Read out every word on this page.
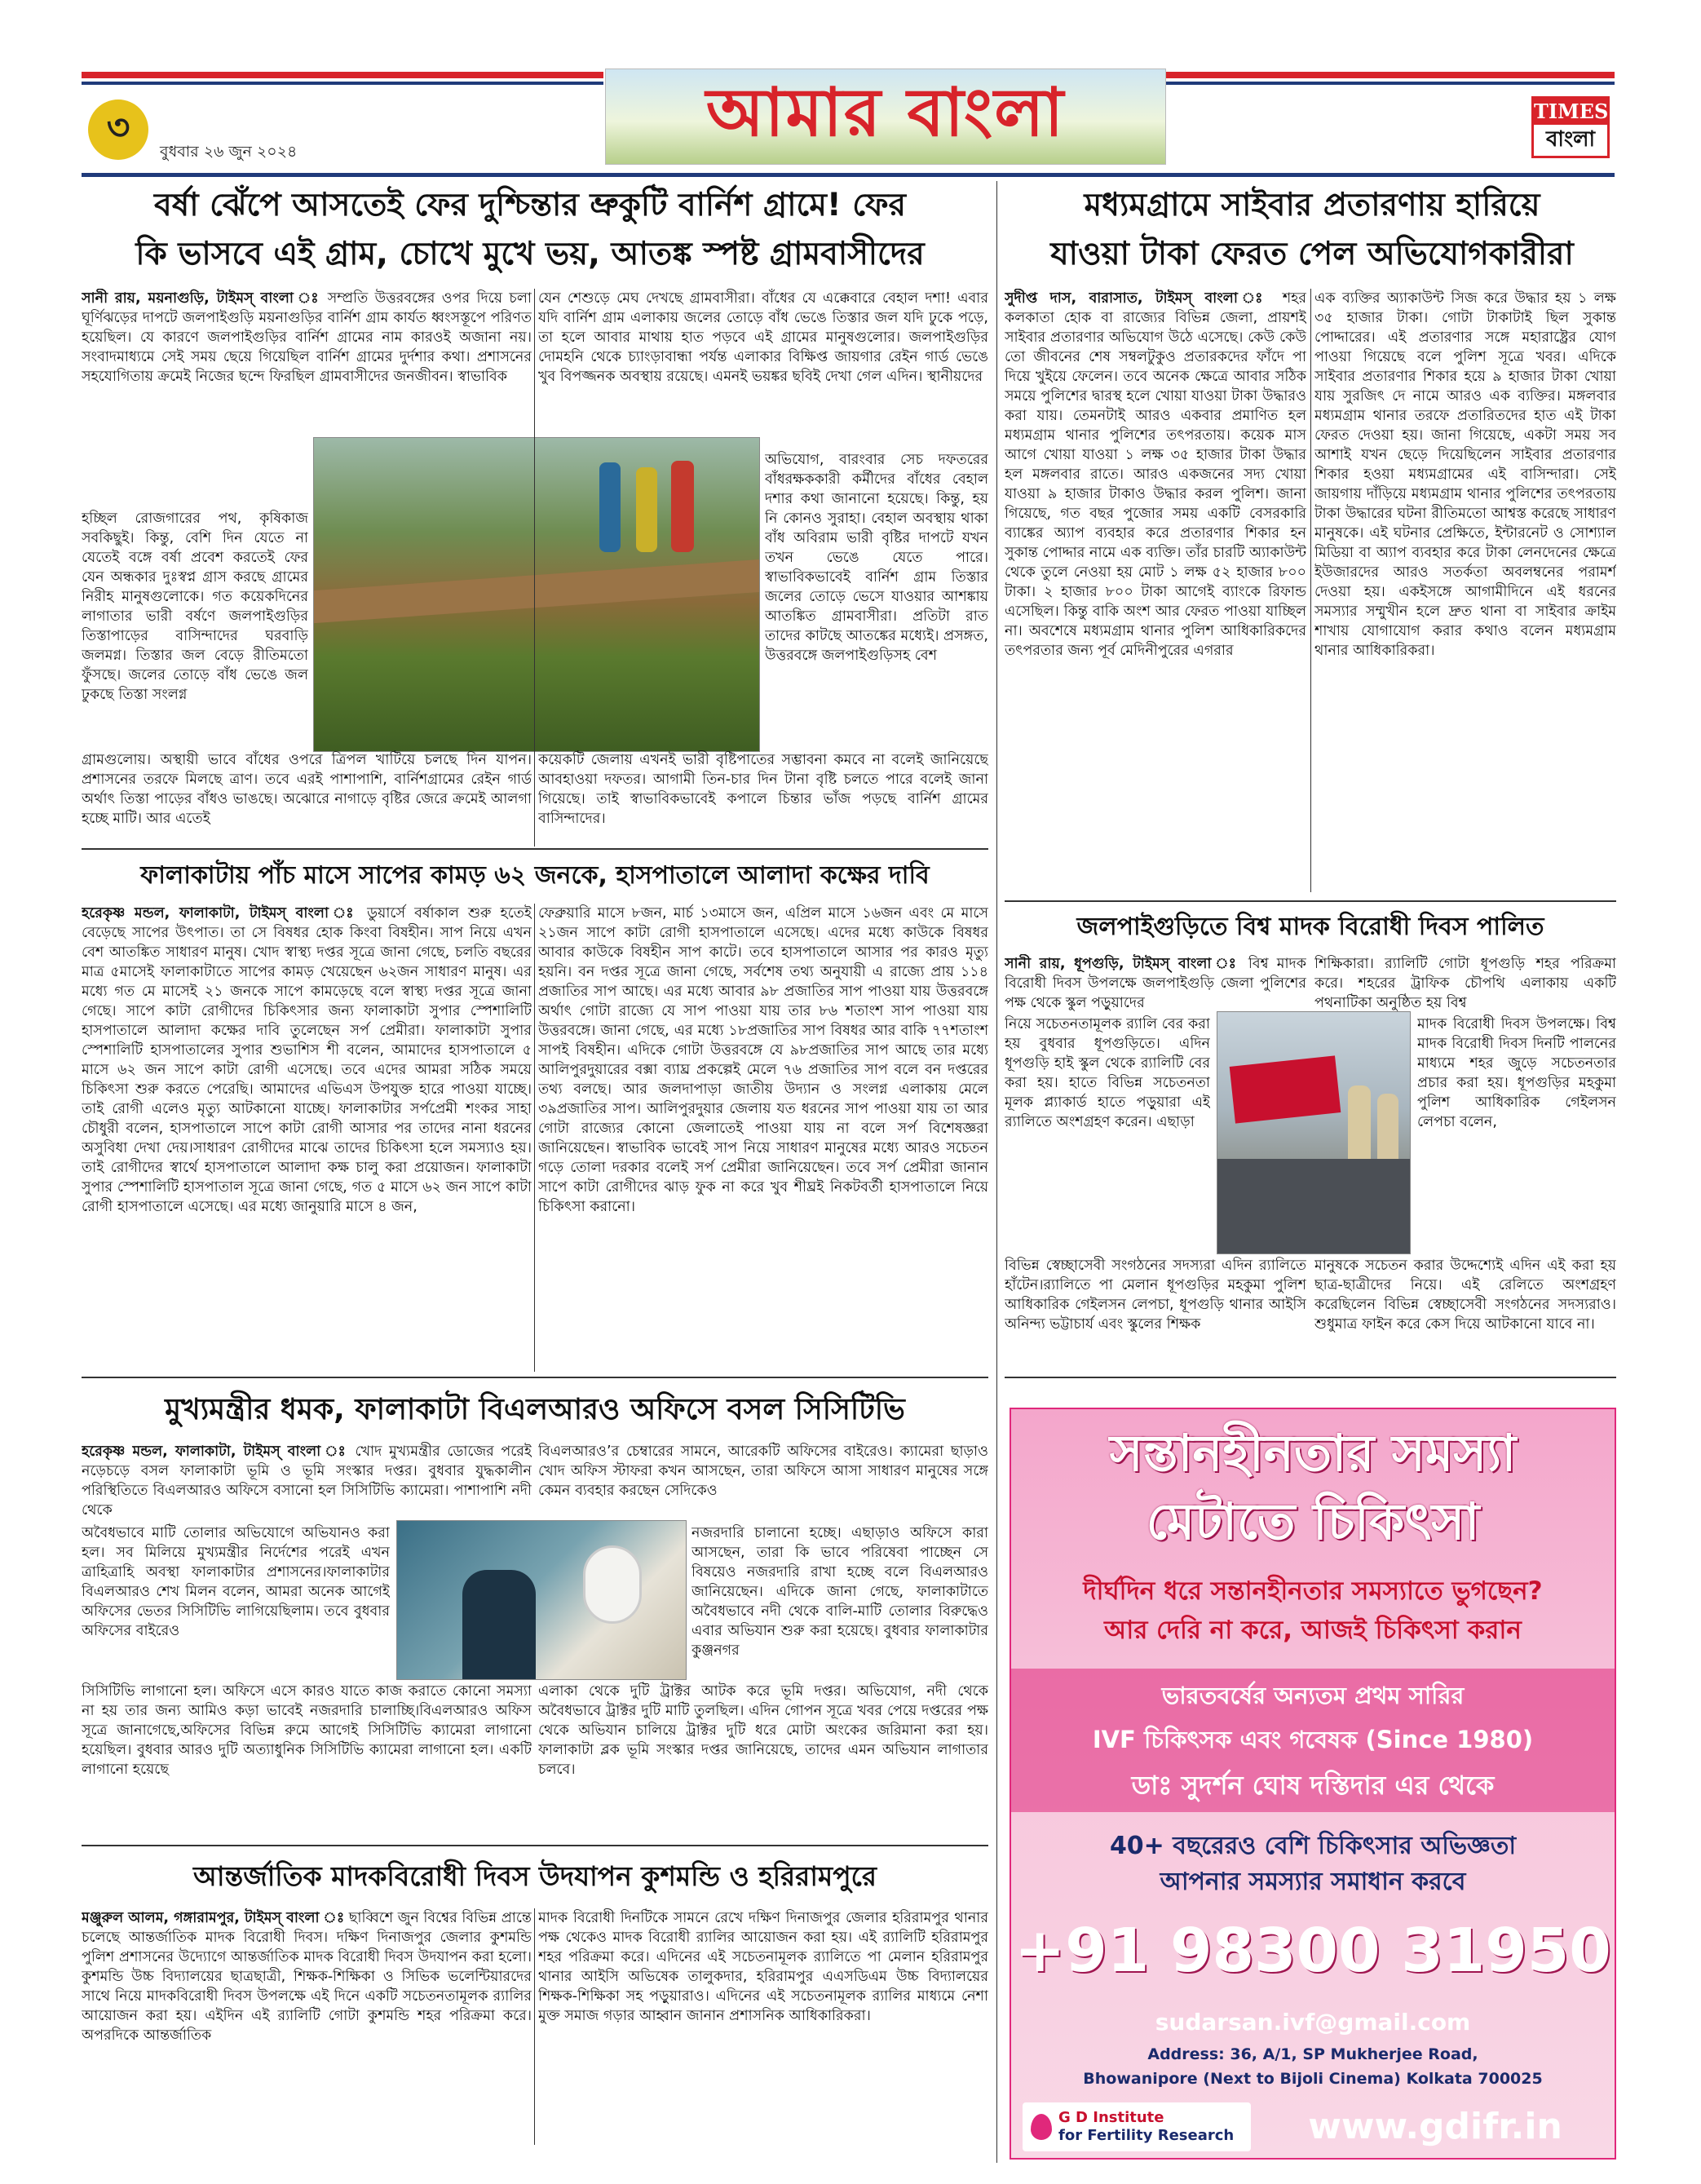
৩
বুধবার ২৬ জুন ২০২৪
আমার বাংলা	TIMES
বাংলা
বর্ষা ঝেঁপে আসতেই ফের দুশ্চিন্তার ভ্রুকুটি বার্নিশ গ্রামে! ফের
কি ভাসবে এই গ্রাম, চোখে মুখে ভয়, আতঙ্ক স্পষ্ট গ্রামবাসীদের
সানী রায়, ময়নাগুড়ি, টাইমস্ বাংলা ঃ সম্প্রতি উত্তরবঙ্গের ওপর দিয়ে চলা ঘূর্ণিঝড়ের দাপটে জলপাইগুড়ি ময়নাগুড়ির বার্নিশ গ্রাম কার্যত ধ্বংসস্তূপে পরিণত হয়েছিল। যে কারণে জলপাইগুড়ির বার্নিশ গ্রামের নাম কারওই অজানা নয়। সংবাদমাধ্যমে সেই সময় ছেয়ে গিয়েছিল বার্নিশ গ্রামের দুর্দশার কথা। প্রশাসনের সহযোগিতায় ক্রমেই নিজের ছন্দে ফিরছিল গ্রামবাসীদের জনজীবন। স্বাভাবিক
হচ্ছিল রোজগারের পথ, কৃষিকাজ সবকিছুই। কিন্তু, বেশি দিন যেতে না যেতেই বঙ্গে বর্ষা প্রবেশ করতেই ফের যেন অন্ধকার দুঃস্বপ্ন গ্রাস করছে গ্রামের নিরীহ মানুষগুলোকে। গত কয়েকদিনের লাগাতার ভারী বর্ষণে জলপাইগুড়ির তিস্তাপাড়ের বাসিন্দাদের ঘরবাড়ি জলমগ্ন। তিস্তার জল বেড়ে রীতিমতো ফুঁসছে। জলের তোড়ে বাঁধ ভেঙে জল ঢুকছে তিস্তা সংলগ্ন
যেন শেশুড়ে মেঘ দেখছে গ্রামবাসীরা। বাঁধের যে এক্কেবারে বেহাল দশা! এবার যদি বার্নিশ গ্রাম এলাকায় জলের তোড়ে বাঁধ ভেঙে তিস্তার জল যদি ঢুকে পড়ে, তা হলে আবার মাথায় হাত পড়বে এই গ্রামের মানুষগুলোর। জলপাইগুড়ির দোমহনি থেকে চ্যাংড়াবান্ধা পর্যন্ত এলাকার বিক্ষিপ্ত জায়গার রেইন গার্ড ভেঙে খুব বিপজ্জনক অবস্থায় রয়েছে। এমনই ভয়ঙ্কর ছবিই দেখা গেল এদিন। স্থানীয়দের
অভিযোগ, বারংবার সেচ দফতরের বাঁধরক্ষককারী কর্মীদের বাঁধের বেহাল দশার কথা জানানো হয়েছে। কিন্তু, হয় নি কোনও সুরাহা। বেহাল অবস্থায় থাকা বাঁধ অবিরাম ভারী বৃষ্টির দাপটে যখন তখন ভেঙে যেতে পারে। স্বাভাবিকভাবেই বার্নিশ গ্রাম তিস্তার জলের তোড়ে ভেসে যাওয়ার আশঙ্কায় আতঙ্কিত গ্রামবাসীরা। প্রতিটা রাত তাদের কাটছে আতঙ্কের মধ্যেই। প্রসঙ্গত, উত্তরবঙ্গে জলপাইগুড়িসহ বেশ
গ্রামগুলোয়। অস্থায়ী ভাবে বাঁধের ওপরে ত্রিপল খাটিয়ে চলছে দিন যাপন।প্রশাসনের তরফে মিলছে ত্রাণ। তবে এরই পাশাপাশি, বার্নিশগ্রামের রেইন গার্ড অর্থাৎ তিস্তা পাড়ের বাঁধও ভাঙছে। অঝোরে নাগাড়ে বৃষ্টির জেরে ক্রমেই আলগা হচ্ছে মাটি। আর এতেই
কয়েকটি জেলায় এখনই ভারী বৃষ্টিপাতের সম্ভাবনা কমবে না বলেই জানিয়েছে আবহাওয়া দফতর। আগামী তিন-চার দিন টানা বৃষ্টি চলতে পারে বলেই জানা গিয়েছে। তাই স্বাভাবিকভাবেই কপালে চিন্তার ভাঁজ পড়ছে বার্নিশ গ্রামের বাসিন্দাদের।
মধ্যমগ্রামে সাইবার প্রতারণায় হারিয়ে
যাওয়া টাকা ফেরত পেল অভিযোগকারীরা
সুদীপ্ত দাস, বারাসাত, টাইমস্ বাংলা ঃ শহর কলকাতা হোক বা রাজ্যের বিভিন্ন জেলা, প্রায়শই সাইবার প্রতারণার অভিযোগ উঠে এসেছে। কেউ কেউ তো জীবনের শেষ সম্বলটুকুও প্রতারকদের ফাঁদে পা দিয়ে খুইয়ে ফেলেন। তবে অনেক ক্ষেত্রে আবার সঠিক সময়ে পুলিশের দ্বারস্থ হলে খোয়া যাওয়া টাকা উদ্ধারও করা যায়। তেমনটাই আরও একবার প্রমাণিত হল মধ্যমগ্রাম থানার পুলিশের তৎপরতায়। কয়েক মাস আগে খোয়া যাওয়া ১ লক্ষ ৩৫ হাজার টাকা উদ্ধার হল মঙ্গলবার রাতে। আরও একজনের সদ্য খোয়া যাওয়া ৯ হাজার টাকাও উদ্ধার করল পুলিশ। জানা গিয়েছে, গত বছর পুজোর সময় একটি বেসরকারি ব্যাঙ্কের অ্যাপ ব্যবহার করে প্রতারণার শিকার হন সুকান্ত পোদ্দার নামে এক ব্যক্তি। তাঁর চারটি অ্যাকাউন্ট থেকে তুলে নেওয়া হয় মোট ১ লক্ষ ৫২ হাজার ৮০০ টাকা। ২ হাজার ৮০০ টাকা আগেই ব্যাংকে রিফান্ড এসেছিল। কিন্তু বাকি অংশ আর ফেরত পাওয়া যাচ্ছিল না। অবশেষে মধ্যমগ্রাম থানার পুলিশ আধিকারিকদের তৎপরতার জন্য পূর্ব মেদিনীপুরের এগরার
এক ব্যক্তির অ্যাকাউন্ট সিজ করে উদ্ধার হয় ১ লক্ষ ৩৫ হাজার টাকা। গোটা টাকাটাই ছিল সুকান্ত পোদ্দারের। এই প্রতারণার সঙ্গে মহারাষ্ট্রের যোগ পাওয়া গিয়েছে বলে পুলিশ সূত্রে খবর। এদিকে সাইবার প্রতারণার শিকার হয়ে ৯ হাজার টাকা খোয়া যায় সুরজিৎ দে নামে আরও এক ব্যক্তির। মঙ্গলবার মধ্যমগ্রাম থানার তরফে প্রতারিতদের হাত এই টাকা ফেরত দেওয়া হয়। জানা গিয়েছে, একটা সময় সব আশাই যখন ছেড়ে দিয়েছিলেন সাইবার প্রতারণার শিকার হওয়া মধ্যমগ্রামের এই বাসিন্দারা। সেই জায়গায় দাঁড়িয়ে মধ্যমগ্রাম থানার পুলিশের তৎপরতায় টাকা উদ্ধারের ঘটনা রীতিমতো আশ্বস্ত করেছে সাধারণ মানুষকে। এই ঘটনার প্রেক্ষিতে, ইন্টারনেট ও সোশ্যাল মিডিয়া বা অ্যাপ ব্যবহার করে টাকা লেনদেনের ক্ষেত্রে ইউজারদের আরও সতর্কতা অবলম্বনের পরামর্শ দেওয়া হয়। একইসঙ্গে আগামীদিনে এই ধরনের সমস্যার সম্মুখীন হলে দ্রুত থানা বা সাইবার ক্রাইম শাখায় যোগাযোগ করার কথাও বলেন মধ্যমগ্রাম থানার আধিকারিকরা।
ফালাকাটায় পাঁচ মাসে সাপের কামড় ৬২ জনকে, হাসপাতালে আলাদা কক্ষের দাবি
হরেকৃষ্ণ মন্ডল, ফালাকাটা, টাইমস্ বাংলা ঃ ডুয়ার্সে বর্ষাকাল শুরু হতেই বেড়েছে সাপের উৎপাত। তা সে বিষধর হোক কিংবা বিষহীন। সাপ নিয়ে এখন বেশ আতঙ্কিত সাধারণ মানুষ। খোদ স্বাস্থ্য দপ্তর সূত্রে জানা গেছে, চলতি বছরের মাত্র ৫মাসেই ফালাকাটাতে সাপের কামড় খেয়েছেন ৬২জন সাধারণ মানুষ। এর মধ্যে গত মে মাসেই ২১ জনকে সাপে কামড়েছে বলে স্বাস্থ্য দপ্তর সূত্রে জানা গেছে। সাপে কাটা রোগীদের চিকিৎসার জন্য ফালাকাটা সুপার স্পেশালিটি হাসপাতালে আলাদা কক্ষের দাবি তুলেছেন সর্প প্রেমীরা। ফালাকাটা সুপার স্পেশালিটি হাসপাতালের সুপার শুভাশিস শী বলেন, আমাদের হাসপাতালে ৫ মাসে ৬২ জন সাপে কাটা রোগী এসেছে। তবে এদের আমরা সঠিক সময়ে চিকিৎসা শুরু করতে পেরেছি। আমাদের এভিএস উপযুক্ত হারে পাওয়া যাচ্ছে। তাই রোগী এলেও মৃত্যু আটকানো যাচ্ছে। ফালাকাটার সর্পপ্রেমী শংকর সাহা চৌধুরী বলেন, হাসপাতালে সাপে কাটা রোগী আসার পর তাদের নানা ধরনের অসুবিধা দেখা দেয়।সাধারণ রোগীদের মাঝে তাদের চিকিৎসা হলে সমস্যাও হয়। তাই রোগীদের স্বার্থে হাসপাতালে আলাদা কক্ষ চালু করা প্রয়োজন। ফালাকাটা সুপার স্পেশালিটি হাসপাতাল সূত্রে জানা গেছে, গত ৫ মাসে ৬২ জন সাপে কাটা রোগী হাসপাতালে এসেছে। এর মধ্যে জানুয়ারি মাসে ৪ জন,
ফেব্রুয়ারি মাসে ৮জন, মার্চ ১৩মাসে জন, এপ্রিল মাসে ১৬জন এবং মে মাসে ২১জন সাপে কাটা রোগী হাসপাতালে এসেছে। এদের মধ্যে কাউকে বিষধর আবার কাউকে বিষহীন সাপ কাটে। তবে হাসপাতালে আসার পর কারও মৃত্যু হয়নি। বন দপ্তর সূত্রে জানা গেছে, সর্বশেষ তথ্য অনুযায়ী এ রাজ্যে প্রায় ১১৪ প্রজাতির সাপ আছে। এর মধ্যে আবার ৯৮ প্রজাতির সাপ পাওয়া যায় উত্তরবঙ্গে অর্থাৎ গোটা রাজ্যে যে সাপ পাওয়া যায় তার ৮৬ শতাংশ সাপ পাওয়া যায় উত্তরবঙ্গে। জানা গেছে, এর মধ্যে ১৮প্রজাতির সাপ বিষধর আর বাকি ৭৭শতাংশ সাপই বিষহীন। এদিকে গোটা উত্তরবঙ্গে যে ৯৮প্রজাতির সাপ আছে তার মধ্যে আলিপুরদুয়ারের বক্সা ব্যাঘ্র প্রকল্পেই মেলে ৭৬ প্রজাতির সাপ বলে বন দপ্তরের তথ্য বলছে। আর জলদাপাড়া জাতীয় উদ্যান ও সংলগ্ন এলাকায় মেলে ৩৯প্রজাতির সাপ। আলিপুরদুয়ার জেলায় যত ধরনের সাপ পাওয়া যায় তা আর গোটা রাজ্যের কোনো জেলাতেই পাওয়া যায় না বলে সর্প বিশেষজ্ঞরা জানিয়েছেন। স্বাভাবিক ভাবেই সাপ নিয়ে সাধারণ মানুষের মধ্যে আরও সচেতন গড়ে তোলা দরকার বলেই সর্প প্রেমীরা জানিয়েছেন। তবে সর্প প্রেমীরা জানান সাপে কাটা রোগীদের ঝাড় ফুক না করে খুব শীঘ্রই নিকটবর্তী হাসপাতালে নিয়ে চিকিৎসা করানো।
জলপাইগুড়িতে বিশ্ব মাদক বিরোধী দিবস পালিত
সানী রায়, ধূপগুড়ি, টাইমস্ বাংলা ঃ বিশ্ব মাদক বিরোধী দিবস উপলক্ষে জলপাইগুড়ি জেলা পুলিশের পক্ষ থেকে স্কুল পড়ুয়াদের
নিয়ে সচেতনতামূলক র‍্যালি বের করা হয় বুধবার ধূপগুড়িতে। এদিন ধূপগুড়ি হাই স্কুল থেকে র‍্যালিটি বের করা হয়। হাতে বিভিন্ন সচেতনতা মূলক প্ল্যাকার্ড হাতে পড়ুয়ারা এই র‍্যালিতে অংশগ্রহণ করেন। এছাড়া
শিক্ষিকারা। র‍্যালিটি গোটা ধূপগুড়ি শহর পরিক্রমা করে। শহরের ট্রাফিক চৌপথি এলাকায় একটি পথনাটিকা অনুষ্ঠিত হয় বিশ্ব
মাদক বিরোধী দিবস উপলক্ষে। বিশ্ব মাদক বিরোধী দিবস দিনটি পালনের মাধ্যমে শহর জুড়ে সচেতনতার প্রচার করা হয়। ধূপগুড়ির মহকুমা পুলিশ আধিকারিক গেইলসন লেপচা বলেন,
বিভিন্ন স্বেচ্ছাসেবী সংগঠনের সদস্যরা এদিন র‍্যালিতে হাঁটেন।র‍্যালিতে পা মেলান ধূপগুড়ির মহকুমা পুলিশ আধিকারিক গেইলসন লেপচা, ধূপগুড়ি থানার আইসি অনিন্দ্য ভট্টাচার্য এবং স্কুলের শিক্ষক
মানুষকে সচেতন করার উদ্দেশ্যেই এদিন এই করা হয় ছাত্র-ছাত্রীদের নিয়ে। এই রেলিতে অংশগ্রহণ করেছিলেন বিভিন্ন স্বেচ্ছাসেবী সংগঠনের সদস্যরাও। শুধুমাত্র ফাইন করে কেস দিয়ে আটকানো যাবে না।
মুখ্যমন্ত্রীর ধমক, ফালাকাটা বিএলআরও অফিসে বসল সিসিটিভি
হরেকৃষ্ণ মন্ডল, ফালাকাটা, টাইমস্ বাংলা ঃ খোদ মুখ্যমন্ত্রীর ডোজের পরেই নড়েচড়ে বসল ফালাকাটা ভূমি ও ভূমি সংস্কার দপ্তর। বুধবার যুদ্ধকালীন পরিস্থিতিতে বিএলআরও অফিসে বসানো হল সিসিটিভি ক্যামেরা। পাশাপাশি নদী থেকে
অবৈধভাবে মাটি তোলার অভিযোগে অভিযানও করা হল। সব মিলিয়ে মুখ্যমন্ত্রীর নির্দেশের পরেই এখন ত্রাহিত্রাহি অবস্থা ফালাকাটার প্রশাসনের।ফালাকাটার বিএলআরও শেখ মিলন বলেন, আমরা অনেক আগেই অফিসের ভেতর সিসিটিভি লাগিয়েছিলাম। তবে বুধবার অফিসের বাইরেও
বিএলআরও’র চেম্বারের সামনে, আরেকটি অফিসের বাইরেও। ক্যামেরা ছাড়াও খোদ অফিস স্টাফরা কখন আসছেন, তারা অফিসে আসা সাধারণ মানুষের সঙ্গে কেমন ব্যবহার করছেন সেদিকেও
নজরদারি চালানো হচ্ছে। এছাড়াও অফিসে কারা আসছেন, তারা কি ভাবে পরিষেবা পাচ্ছেন সে বিষয়েও নজরদারি রাখা হচ্ছে বলে বিএলআরও জানিয়েছেন। এদিকে জানা গেছে, ফালাকাটাতে অবৈধভাবে নদী থেকে বালি-মাটি তোলার বিরুদ্ধেও এবার অভিযান শুরু করা হয়েছে। বুধবার ফালাকাটার কুঞ্জনগর
সিসিটিভি লাগানো হল। অফিসে এসে কারও যাতে কাজ করাতে কোনো সমস্যা না হয় তার জন্য আমিও কড়া ভাবেই নজরদারি চালাচ্ছি।বিএলআরও অফিস সূত্রে জানাগেছে,অফিসের বিভিন্ন রুমে আগেই সিসিটিভি ক্যামেরা লাগানো হয়েছিল। বুধবার আরও দুটি অত্যাধুনিক সিসিটিভি ক্যামেরা লাগানো হল। একটি লাগানো হয়েছে
এলাকা থেকে দুটি ট্রাক্টর আটক করে ভূমি দপ্তর। অভিযোগ, নদী থেকে অবৈধভাবে ট্রাক্টর দুটি মাটি তুলছিল। এদিন গোপন সূত্রে খবর পেয়ে দপ্তরের পক্ষ থেকে অভিযান চালিয়ে ট্রাক্টর দুটি ধরে মোটা অংকের জরিমানা করা হয়। ফালাকাটা ব্লক ভূমি সংস্কার দপ্তর জানিয়েছে, তাদের এমন অভিযান লাগাতার চলবে।
আন্তর্জাতিক মাদকবিরোধী দিবস উদযাপন কুশমন্ডি ও হরিরামপুরে
মঞ্জুরুল আলম, গঙ্গারামপুর, টাইমস্ বাংলা ঃ ছাব্বিশে জুন বিশ্বের বিভিন্ন প্রান্তে চলেছে আন্তর্জাতিক মাদক বিরোধী দিবস। দক্ষিণ দিনাজপুর জেলার কুশমন্ডি পুলিশ প্রশাসনের উদ্যোগে আন্তর্জাতিক মাদক বিরোধী দিবস উদযাপন করা হলো। কুশমন্ডি উচ্চ বিদ্যালয়ের ছাত্রছাত্রী, শিক্ষক-শিক্ষিকা ও সিভিক ভলেন্টিয়ারদের সাথে নিয়ে মাদকবিরোধী দিবস উপলক্ষে এই দিনে একটি সচেতনতামূলক র‍্যালির আয়োজন করা হয়। এইদিন এই র‍্যালিটি গোটা কুশমন্ডি শহর পরিক্রমা করে। অপরদিকে আন্তর্জাতিক
মাদক বিরোধী দিনটিকে সামনে রেখে দক্ষিণ দিনাজপুর জেলার হরিরামপুর থানার পক্ষ থেকেও মাদক বিরোধী র‍্যালির আয়োজন করা হয়। এই র‍্যালিটি হরিরামপুর শহর পরিক্রমা করে। এদিনের এই সচেতনামূলক র‍্যালিতে পা মেলান হরিরামপুর থানার আইসি অভিষেক তালুকদার, হরিরামপুর এএসডিএম উচ্চ বিদ্যালয়ের শিক্ষক-শিক্ষিকা সহ পড়ুয়ারাও। এদিনের এই সচেতনামূলক র‍্যালির মাধ্যমে নেশা মুক্ত সমাজ গড়ার আহ্বান জানান প্রশাসনিক আধিকারিকরা।
সন্তানহীনতার সমস্যা
মেটাতে চিকিৎসা
দীর্ঘদিন ধরে সন্তানহীনতার সমস্যাতে ভুগছেন?
আর দেরি না করে, আজই চিকিৎসা করান
ভারতবর্ষের অন্যতম প্রথম সারির
IVF চিকিৎসক এবং গবেষক (Since 1980)
ডাঃ সুদর্শন ঘোষ দস্তিদার এর থেকে
40+ বছরেরও বেশি চিকিৎসার অভিজ্ঞতা
আপনার সমস্যার সমাধান করবে
+91 98300 31950
sudarsan.ivf@gmail.com
Address: 36, A/1, SP Mukherjee Road,
Bhowanipore (Next to Bijoli Cinema) Kolkata 700025
G D Institute
for Fertility Research	www.gdifr.in
